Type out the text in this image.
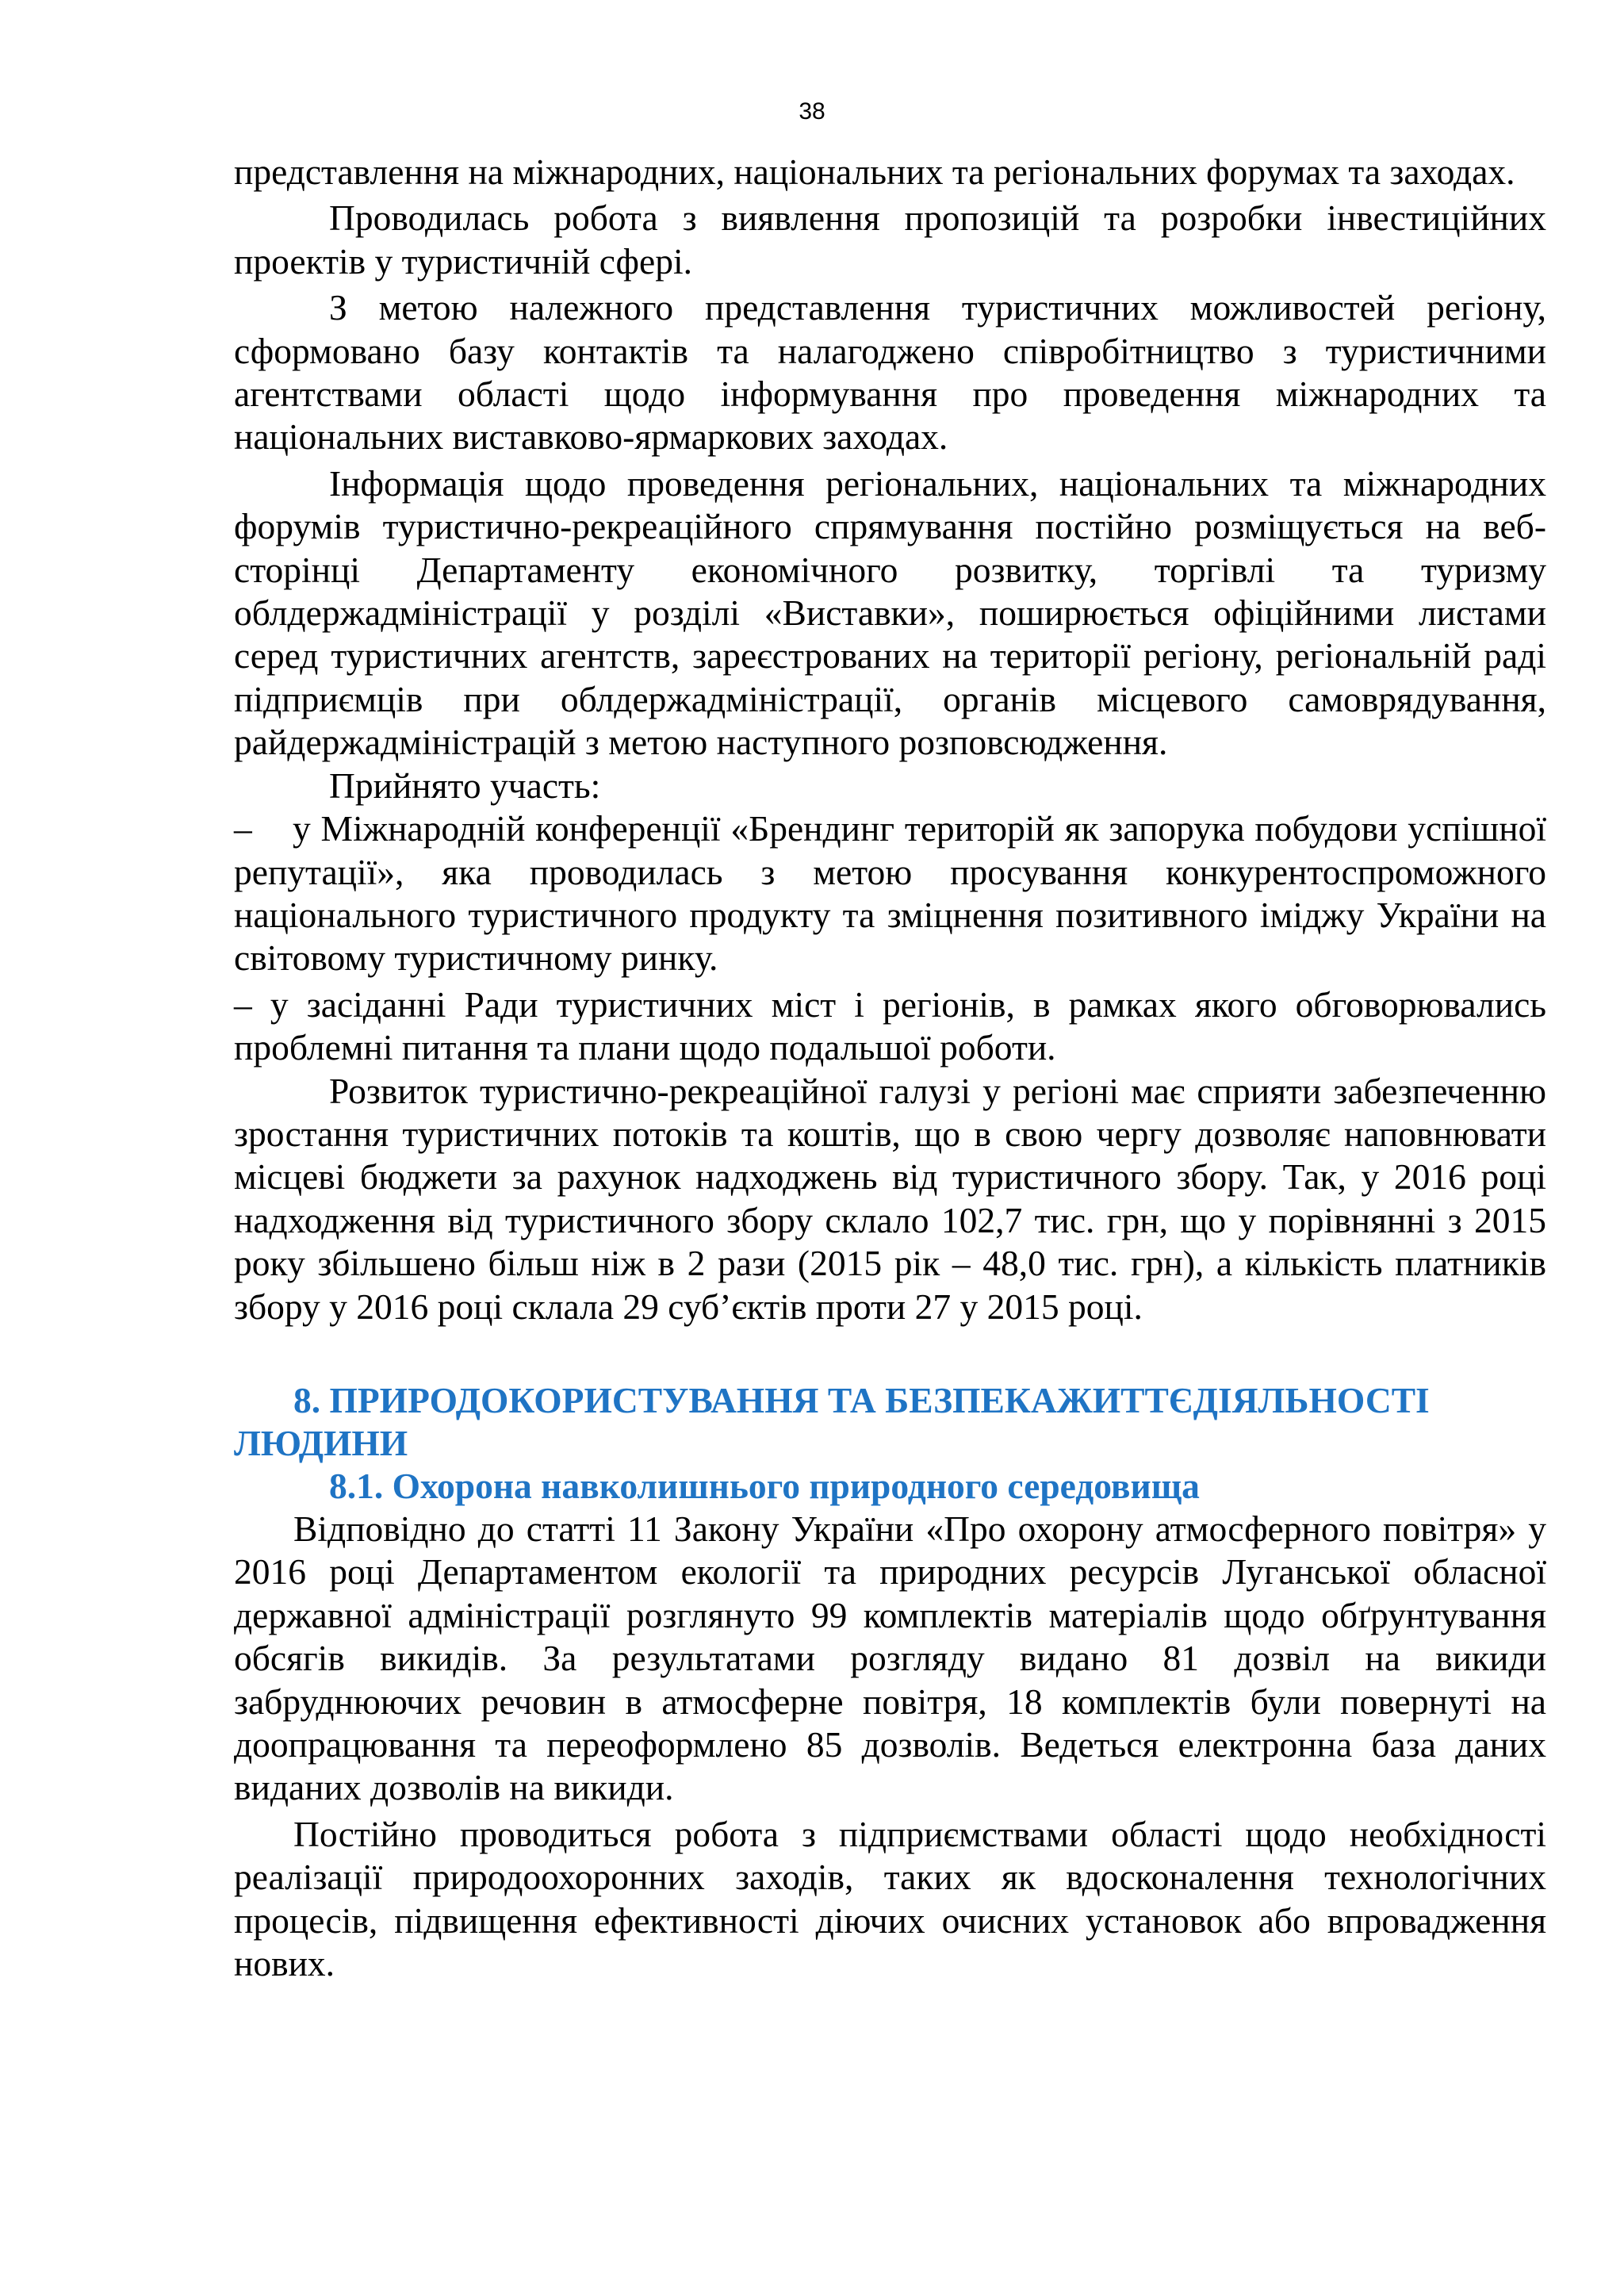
38

представлення на міжнародних, національних та регіональних форумах та заходах.

Проводилась робота з виявлення пропозицій та розробки інвестиційних проектів у туристичній сфері.

З метою належного представлення туристичних можливостей регіону, сформовано базу контактів та налагоджено співробітництво з туристичними агентствами області щодо інформування про проведення міжнародних та національних виставково-ярмаркових заходах.

Інформація щодо проведення регіональних, національних та міжнародних форумів туристично-рекреаційного спрямування постійно розміщується на веб-сторінці Департаменту економічного розвитку, торгівлі та туризму облдержадміністрації у розділі «Виставки», поширюється офіційними листами серед туристичних агентств, зареєстрованих на території регіону, регіональній раді підприємців при облдержадміністрації, органів місцевого самоврядування, райдержадміністрацій з метою наступного розповсюдження.

Прийнято участь:

– у Міжнародній конференції «Брендинг територій як запорука побудови успішної репутації», яка проводилась з метою просування конкурентоспроможного національного туристичного продукту та зміцнення позитивного іміджу України на світовому туристичному ринку.

– у засіданні Ради туристичних міст і регіонів, в рамках якого обговорювались проблемні питання та плани щодо подальшої роботи.

Розвиток туристично-рекреаційної галузі у регіоні має сприяти забезпеченню зростання туристичних потоків та коштів, що в свою чергу дозволяє наповнювати місцеві бюджети за рахунок надходжень від туристичного збору. Так, у 2016 році надходження від туристичного збору склало 102,7 тис. грн, що у порівнянні з 2015 року збільшено більш ніж в 2 рази (2015 рік – 48,0 тис. грн), а кількість платників збору у 2016 році склала 29 суб’єктів проти 27 у 2015 році.

8. ПРИРОДОКОРИСТУВАННЯ ТА БЕЗПЕКАЖИТТЄДІЯЛЬНОСТІ ЛЮДИНИ
8.1. Охорона навколишнього природного середовища

Відповідно до статті 11 Закону України «Про охорону атмосферного повітря» у 2016 році Департаментом екології та природних ресурсів Луганської обласної державної адміністрації розглянуто 99 комплектів матеріалів щодо обґрунтування обсягів викидів. За результатами розгляду видано 81 дозвіл на викиди забруднюючих речовин в атмосферне повітря, 18 комплектів були повернуті на доопрацювання та переоформлено 85 дозволів. Ведеться електронна база даних виданих дозволів на викиди.

Постійно проводиться робота з підприємствами області щодо необхідності реалізації природоохоронних заходів, таких як вдосконалення технологічних процесів, підвищення ефективності діючих очисних установок або впровадження нових.
